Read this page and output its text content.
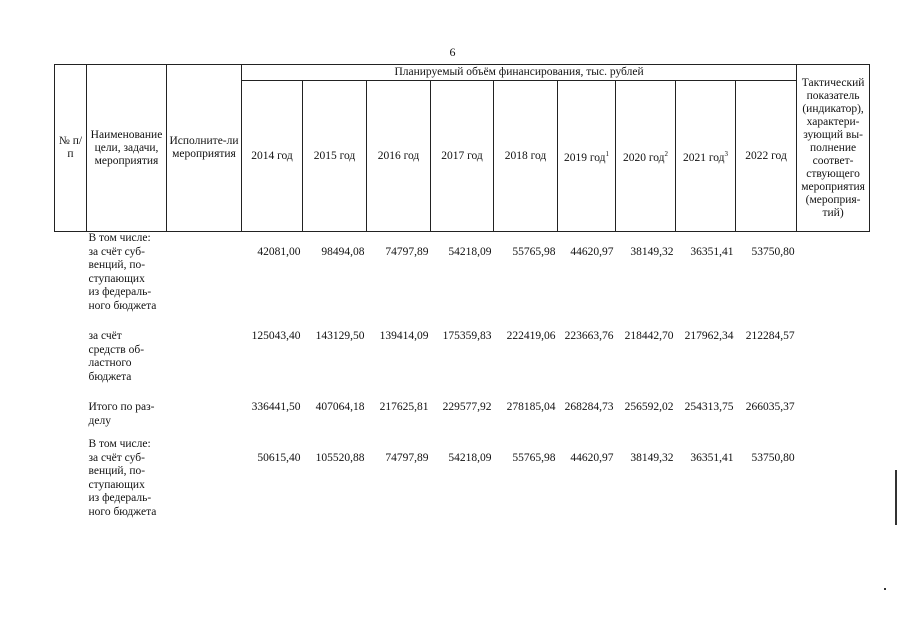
6
№ п/п	Наименование цели, задачи, мероприятия	Исполните-ли мероприятия	Планируемый объём финансирования, тыс. рублей									Тактический показатель (индикатор), характери-зующий вы-полнение соответ-ствующего мероприятия (мероприя-тий)
			2014 год	2015 год	2016 год	2017 год	2018 год	2019 год$^1$	2020 год$^2$	2021 год$^3$	2022 год	
	В том числе:											

	за счёт суб-
венций, по-
ступающих
из федераль-
ного бюджета		42081,00	98494,08	74797,89	54218,09	55765,98	44620,97	38149,32	36351,41	53750,80	

	за счёт
средств об-
ластного
бюджета		125043,40	143129,50	139414,09	175359,83	222419,06	223663,76	218442,70	217962,34	212284,57	

	Итого по раз-
делу		336441,50	407064,18	217625,81	229577,92	278185,04	268284,73	256592,02	254313,75	266035,37	

	В том числе:											

	за счёт суб-
венций, по-
ступающих
из федераль-
ного бюджета		50615,40	105520,88	74797,89	54218,09	55765,98	44620,97	38149,32	36351,41	53750,80	
